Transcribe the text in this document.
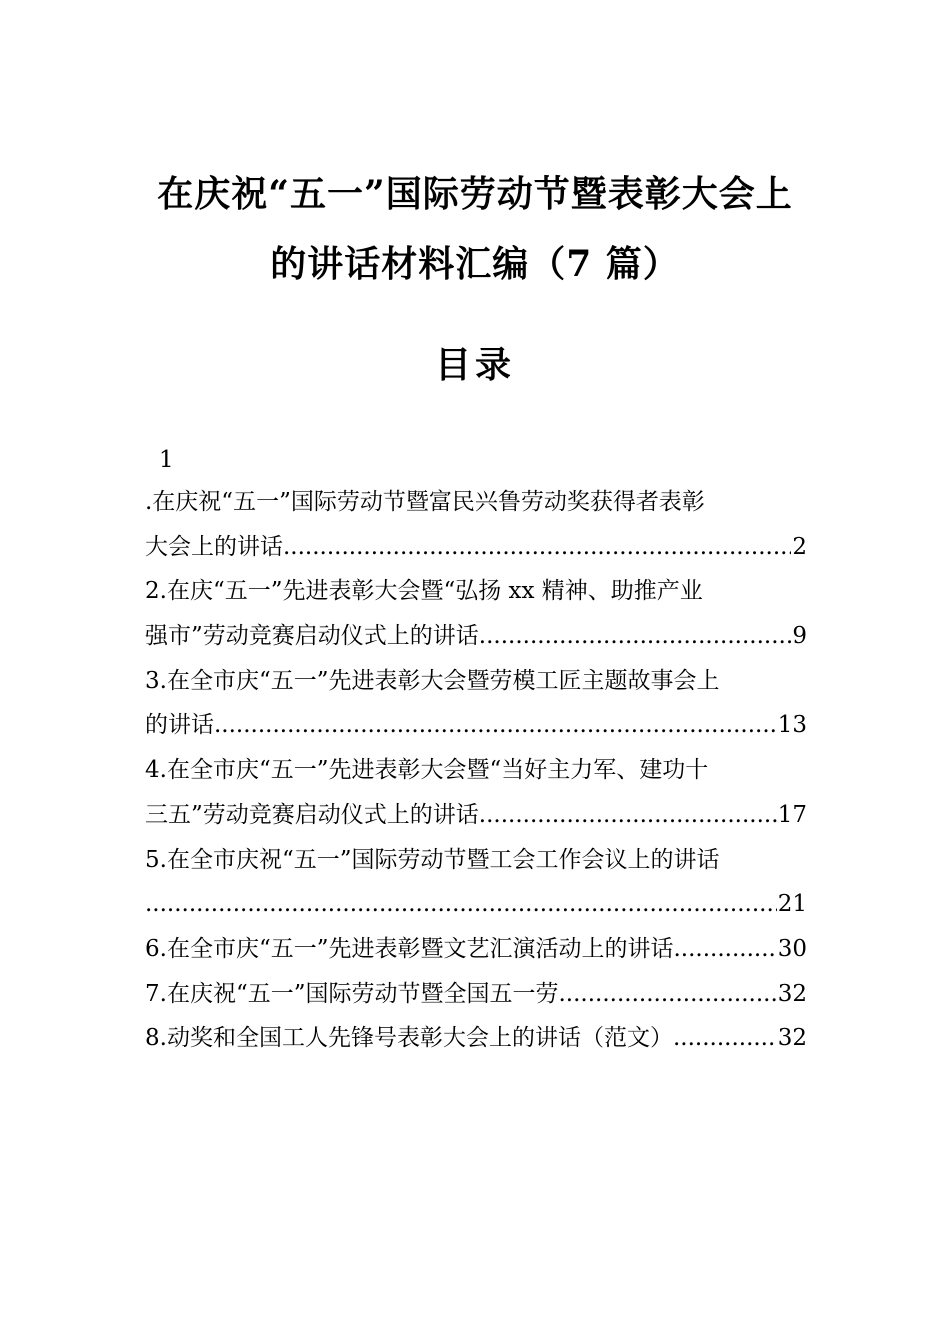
在庆祝“五一”国际劳动节暨表彰大会上
的讲话材料汇编（7 篇）
目录
1
.在庆祝“五一”国际劳动节暨富民兴鲁劳动奖获得者表彰
大会上的讲话 .....	2
2.在庆“五一”先进表彰大会暨“弘扬 xx 精神、助推产业
强市”劳动竞赛启动仪式上的讲话 .....	9
3.在全市庆“五一”先进表彰大会暨劳模工匠主题故事会上
的讲话 .....	13
4.在全市庆“五一”先进表彰大会暨“当好主力军、建功十
三五”劳动竞赛启动仪式上的讲话 .....	17
5.在全市庆祝“五一”国际劳动节暨工会工作会议上的讲话
.....
21
6.在全市庆“五一”先进表彰暨文艺汇演活动上的讲话 .....	30
7.在庆祝“五一”国际劳动节暨全国五一劳 .....	32
8.动奖和全国工人先锋号表彰大会上的讲话（范文） .....	32
